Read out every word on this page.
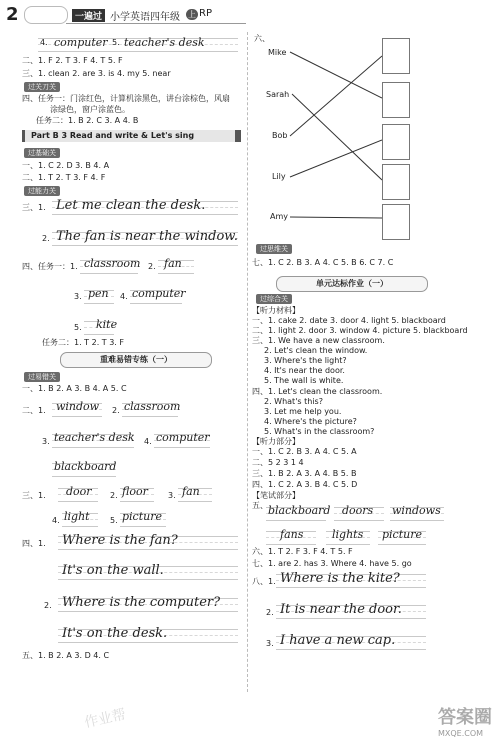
2	一遍过 小学英语四年级 上 RP
4. computer 5. teacher's desk
二、1. F 2. T 3. F 4. T 5. F
三、1. clean 2. are 3. is 4. my 5. near
过关刀关
四、任务一：门涂红色，计算机涂黑色，讲台涂棕色，风扇
涂绿色，窗户涂蓝色。
任务二：1. B 2. C 3. A 4. B
Part B 3 Read and write & Let's sing
过基础关
一、1. C 2. D 3. B 4. A
二、1. T 2. T 3. F 4. F
过能力关
三、1. Let me clean the desk.
2. The fan is near the window.
四、任务一：1. classroom 2. fan
3. pen 4. computer
5. kite
任务二：1. T 2. T 3. F
重难易错专练（一）
过易错关
一、1. B 2. A 3. B 4. A 5. C
二、1. window 2. classroom
3. teacher's desk 4. computer
blackboard
三、1. door 2. floor	3. fan
4. light	5. picture
四、1. Where is the fan?
It's on the wall.
2. Where is the computer?
It's on the desk.
五、1. B 2. A 3. D 4. C
作业帮
六、
Mike
Sarah
Bob
Lily
Amy
过思维关
七、1. C 2. B 3. A 4. C 5. B 6. C 7. C
单元达标作业（一）
过综合关
【听力材料】
一、1. cake 2. date 3. door 4. light 5. blackboard
二、1. light 2. door 3. window 4. picture 5. blackboard
三、1. We have a new classroom.
2. Let's clean the window.
3. Where's the light?
4. It's near the door.
5. The wall is white.
四、1. Let's clean the classroom.
2. What's this?
3. Let me help you.
4. Where's the picture?
5. What's in the classroom?
【听力部分】
一、1. C 2. B 3. A 4. C 5. A
二、5 2 3 1 4
三、1. B 2. A 3. A 4. B 5. B
四、1. C 2. A 3. B 4. C 5. D
【笔试部分】
五、 blackboard doors windows
fans	lights picture
六、1. T 2. F 3. F 4. T 5. F
七、1. are 2. has 3. Where 4. have 5. go
八、1. Where is the kite?
2. It is near the door.
3. I have a new cap.
答案圈
MXQE.COM
